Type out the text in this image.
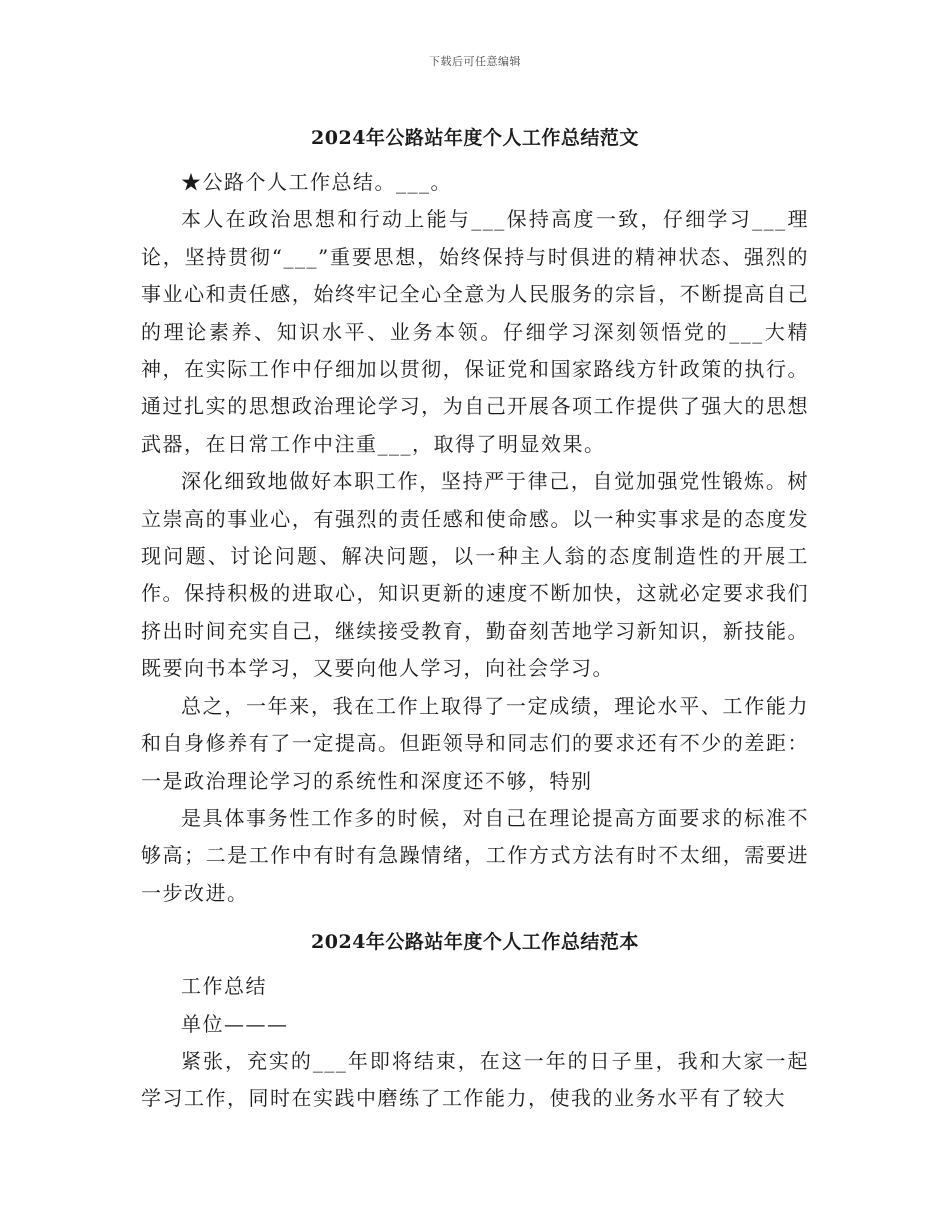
下载后可任意编辑
2024年公路站年度个人工作总结范文

★公路个人工作总结。___。

本人在政治思想和行动上能与___保持高度一致，仔细学习___理论，坚持贯彻“___”重要思想，始终保持与时俱进的精神状态、强烈的事业心和责任感，始终牢记全心全意为人民服务的宗旨，不断提高自己的理论素养、知识水平、业务本领。仔细学习深刻领悟党的___大精神，在实际工作中仔细加以贯彻，保证党和国家路线方针政策的执行。通过扎实的思想政治理论学习，为自己开展各项工作提供了强大的思想武器，在日常工作中注重___，取得了明显效果。

深化细致地做好本职工作，坚持严于律己，自觉加强党性锻炼。树立崇高的事业心，有强烈的责任感和使命感。以一种实事求是的态度发现问题、讨论问题、解决问题，以一种主人翁的态度制造性的开展工作。保持积极的进取心，知识更新的速度不断加快，这就必定要求我们挤出时间充实自己，继续接受教育，勤奋刻苦地学习新知识，新技能。既要向书本学习，又要向他人学习，向社会学习。

总之，一年来，我在工作上取得了一定成绩，理论水平、工作能力和自身修养有了一定提高。但距领导和同志们的要求还有不少的差距：一是政治理论学习的系统性和深度还不够，特别

是具体事务性工作多的时候，对自己在理论提高方面要求的标准不够高；二是工作中有时有急躁情绪，工作方式方法有时不太细，需要进一步改进。

2024年公路站年度个人工作总结范本

工作总结

单位———

紧张，充实的___年即将结束，在这一年的日子里，我和大家一起学习工作，同时在实践中磨练了工作能力，使我的业务水平有了较大
